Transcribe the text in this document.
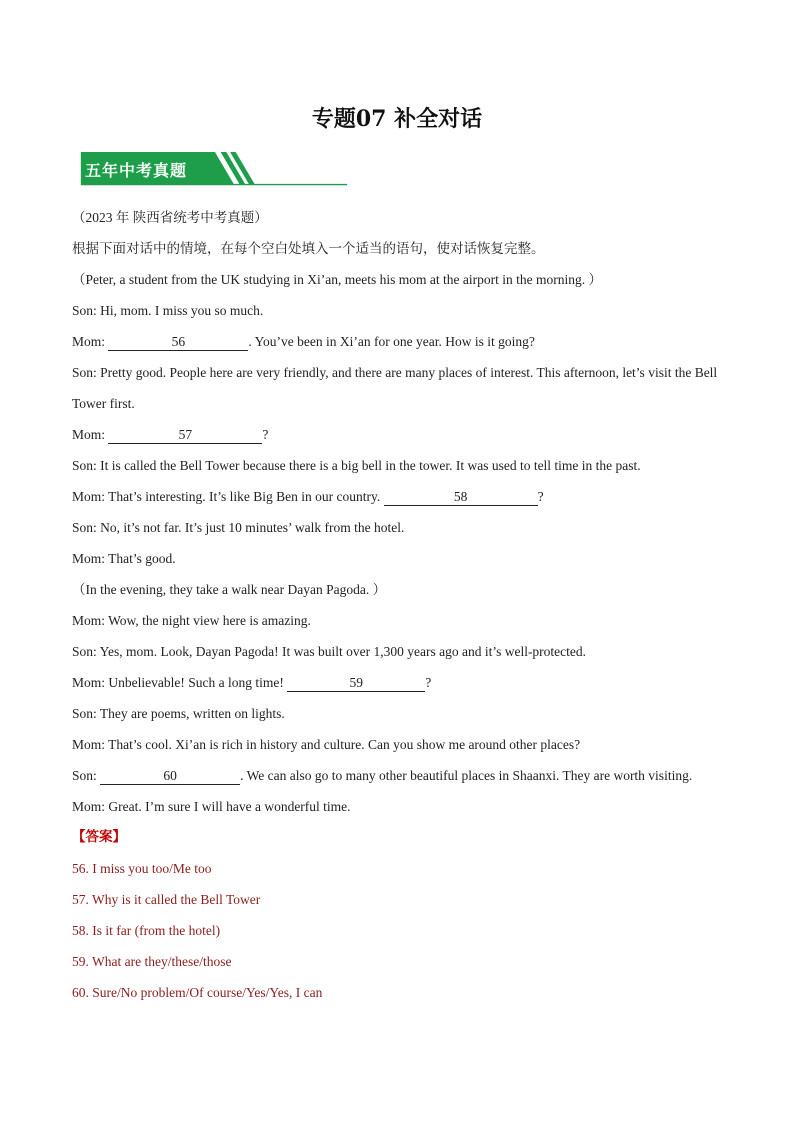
专题07 补全对话
五年中考真题
（2023 年 陕西省统考中考真题）
根据下面对话中的情境，在每个空白处填入一个适当的语句，使对话恢复完整。
（Peter, a student from the UK studying in Xi’an, meets his mom at the airport in the morning. ）
Son: Hi, mom. I miss you so much.
Mom:	56	. You’ve been in Xi’an for one year. How is it going?
Son: Pretty good. People here are very friendly, and there are many places of interest. This afternoon, let’s visit the Bell Tower first.
Mom:	57	?
Son: It is called the Bell Tower because there is a big bell in the tower. It was used to tell time in the past.
Mom: That’s interesting. It’s like Big Ben in our country.	58	?
Son: No, it’s not far. It’s just 10 minutes’ walk from the hotel.
Mom: That’s good.
（In the evening, they take a walk near Dayan Pagoda. ）
Mom: Wow, the night view here is amazing.
Son: Yes, mom. Look, Dayan Pagoda! It was built over 1,300 years ago and it’s well-protected.
Mom: Unbelievable! Such a long time!	59	?
Son: They are poems, written on lights.
Mom: That’s cool. Xi’an is rich in history and culture. Can you show me around other places?
Son:	60	. We can also go to many other beautiful places in Shaanxi. They are worth visiting.
Mom: Great. I’m sure I will have a wonderful time.
【答案】
56. I miss you too/Me too
57. Why is it called the Bell Tower
58. Is it far (from the hotel)
59. What are they/these/those
60. Sure/No problem/Of course/Yes/Yes, I can
